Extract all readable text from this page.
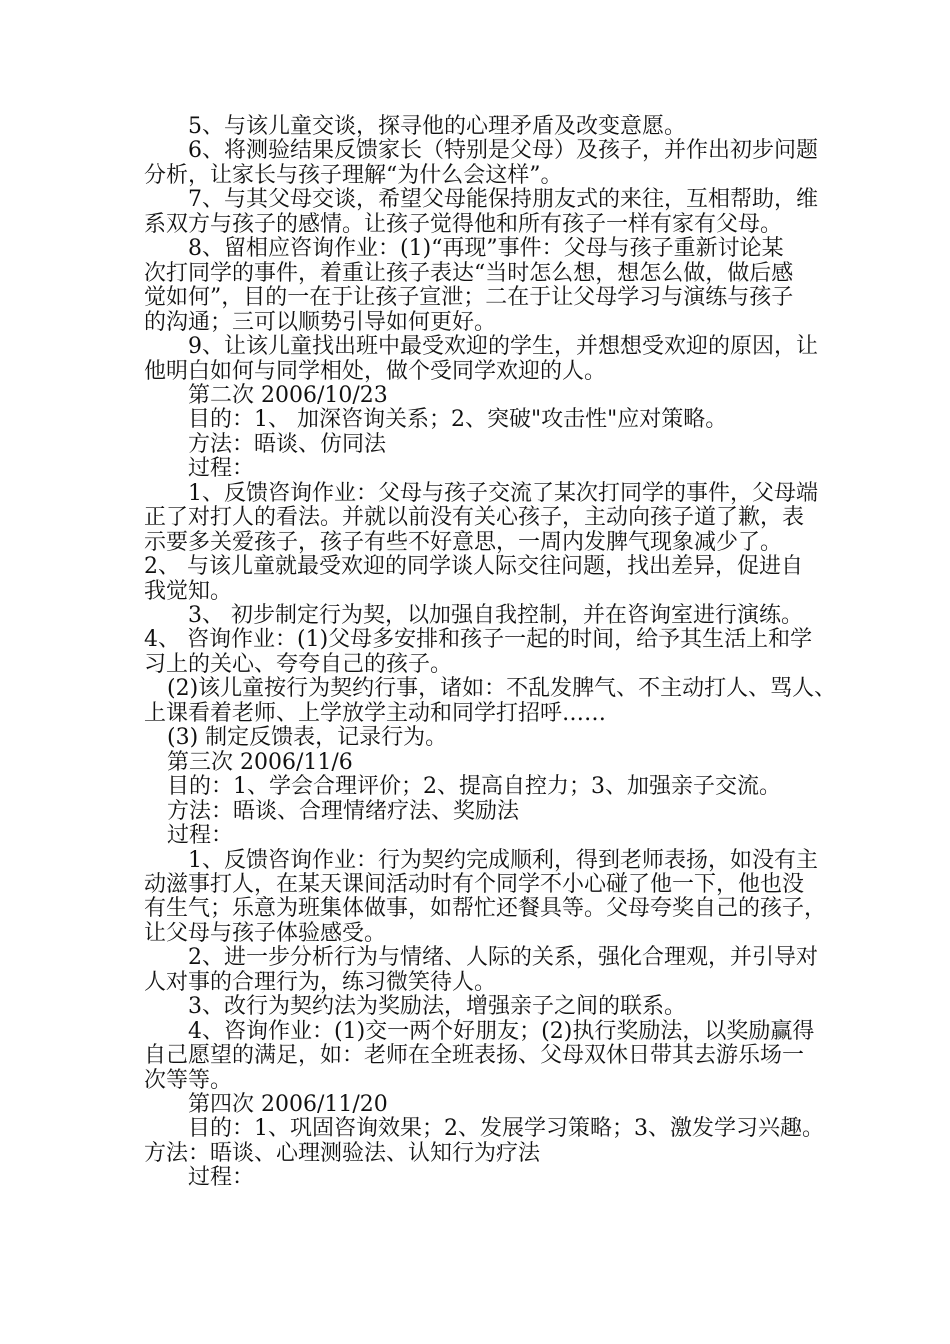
5、与该儿童交谈，探寻他的心理矛盾及改变意愿。
6、将测验结果反馈家长（特别是父母）及孩子，并作出初步问题
分析，让家长与孩子理解“为什么会这样”。
7、与其父母交谈，希望父母能保持朋友式的来往，互相帮助，维
系双方与孩子的感情。让孩子觉得他和所有孩子一样有家有父母。
8、留相应咨询作业：(1)“再现”事件：父母与孩子重新讨论某
次打同学的事件，着重让孩子表达“当时怎么想，想怎么做，做后感
觉如何”，目的一在于让孩子宣泄；二在于让父母学习与演练与孩子
的沟通；三可以顺势引导如何更好。
9、让该儿童找出班中最受欢迎的学生，并想想受欢迎的原因，让
他明白如何与同学相处，做个受同学欢迎的人。
第二次 2006/10/23
目的：1、 加深咨询关系；2、突破"攻击性"应对策略。
方法：晤谈、仿同法
过程：
1、反馈咨询作业：父母与孩子交流了某次打同学的事件，父母端
正了对打人的看法。并就以前没有关心孩子，主动向孩子道了歉，表
示要多关爱孩子，孩子有些不好意思，一周内发脾气现象减少了。
2、 与该儿童就最受欢迎的同学谈人际交往问题，找出差异，促进自
我觉知。
3、 初步制定行为契，以加强自我控制，并在咨询室进行演练。
4、 咨询作业：(1)父母多安排和孩子一起的时间，给予其生活上和学
习上的关心、夸夸自己的孩子。
(2)该儿童按行为契约行事，诸如：不乱发脾气、不主动打人、骂人、
上课看着老师、上学放学主动和同学打招呼……
(3) 制定反馈表，记录行为。
第三次 2006/11/6
目的：1、学会合理评价；2、提高自控力；3、加强亲子交流。
方法：晤谈、合理情绪疗法、奖励法
过程：
1、反馈咨询作业：行为契约完成顺利，得到老师表扬，如没有主
动滋事打人，在某天课间活动时有个同学不小心碰了他一下，他也没
有生气；乐意为班集体做事，如帮忙还餐具等。父母夸奖自己的孩子，
让父母与孩子体验感受。
2、进一步分析行为与情绪、人际的关系，强化合理观，并引导对
人对事的合理行为，练习微笑待人。
3、改行为契约法为奖励法，增强亲子之间的联系。
4、咨询作业：(1)交一两个好朋友；(2)执行奖励法，以奖励赢得
自己愿望的满足，如：老师在全班表扬、父母双休日带其去游乐场一
次等等。
第四次 2006/11/20
目的：1、巩固咨询效果；2、发展学习策略；3、激发学习兴趣。
方法：晤谈、心理测验法、认知行为疗法
过程：
